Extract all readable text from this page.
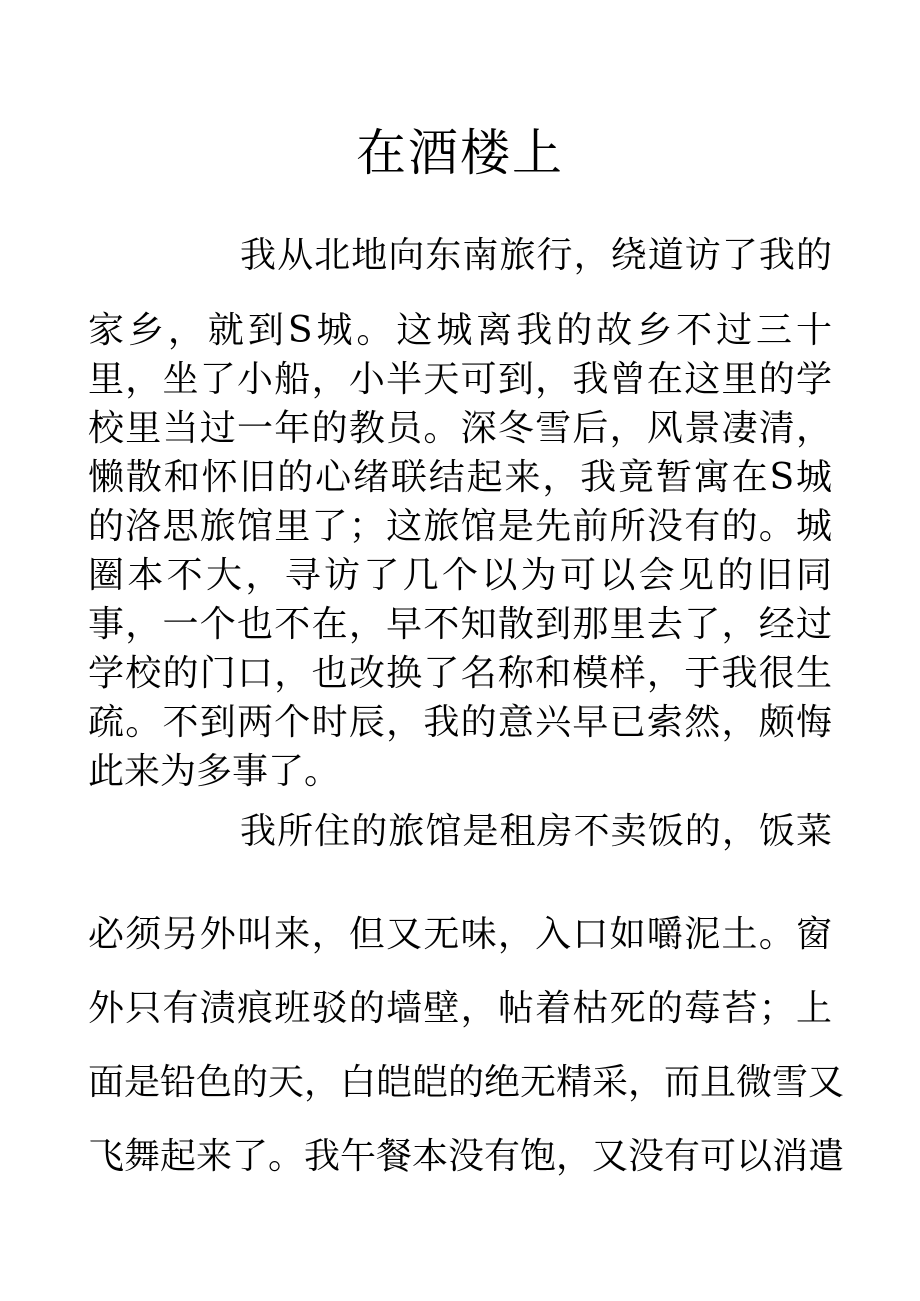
在酒楼上
我从北地向东南旅行，绕道访了我的
家乡，就到S城。这城离我的故乡不过三十
里，坐了小船，小半天可到，我曾在这里的学
校里当过一年的教员。深冬雪后，风景凄清，
懒散和怀旧的心绪联结起来，我竟暂寓在S城
的洛思旅馆里了；这旅馆是先前所没有的。城
圈本不大，寻访了几个以为可以会见的旧同
事，一个也不在，早不知散到那里去了，经过
学校的门口，也改换了名称和模样，于我很生
疏。不到两个时辰，我的意兴早已索然，颇悔
此来为多事了。
我所住的旅馆是租房不卖饭的，饭菜
必须另外叫来，但又无味，入口如嚼泥土。窗
外只有渍痕班驳的墙壁，帖着枯死的莓苔；上
面是铅色的天，白皑皑的绝无精采，而且微雪又
飞舞起来了。我午餐本没有饱，又没有可以消遣
